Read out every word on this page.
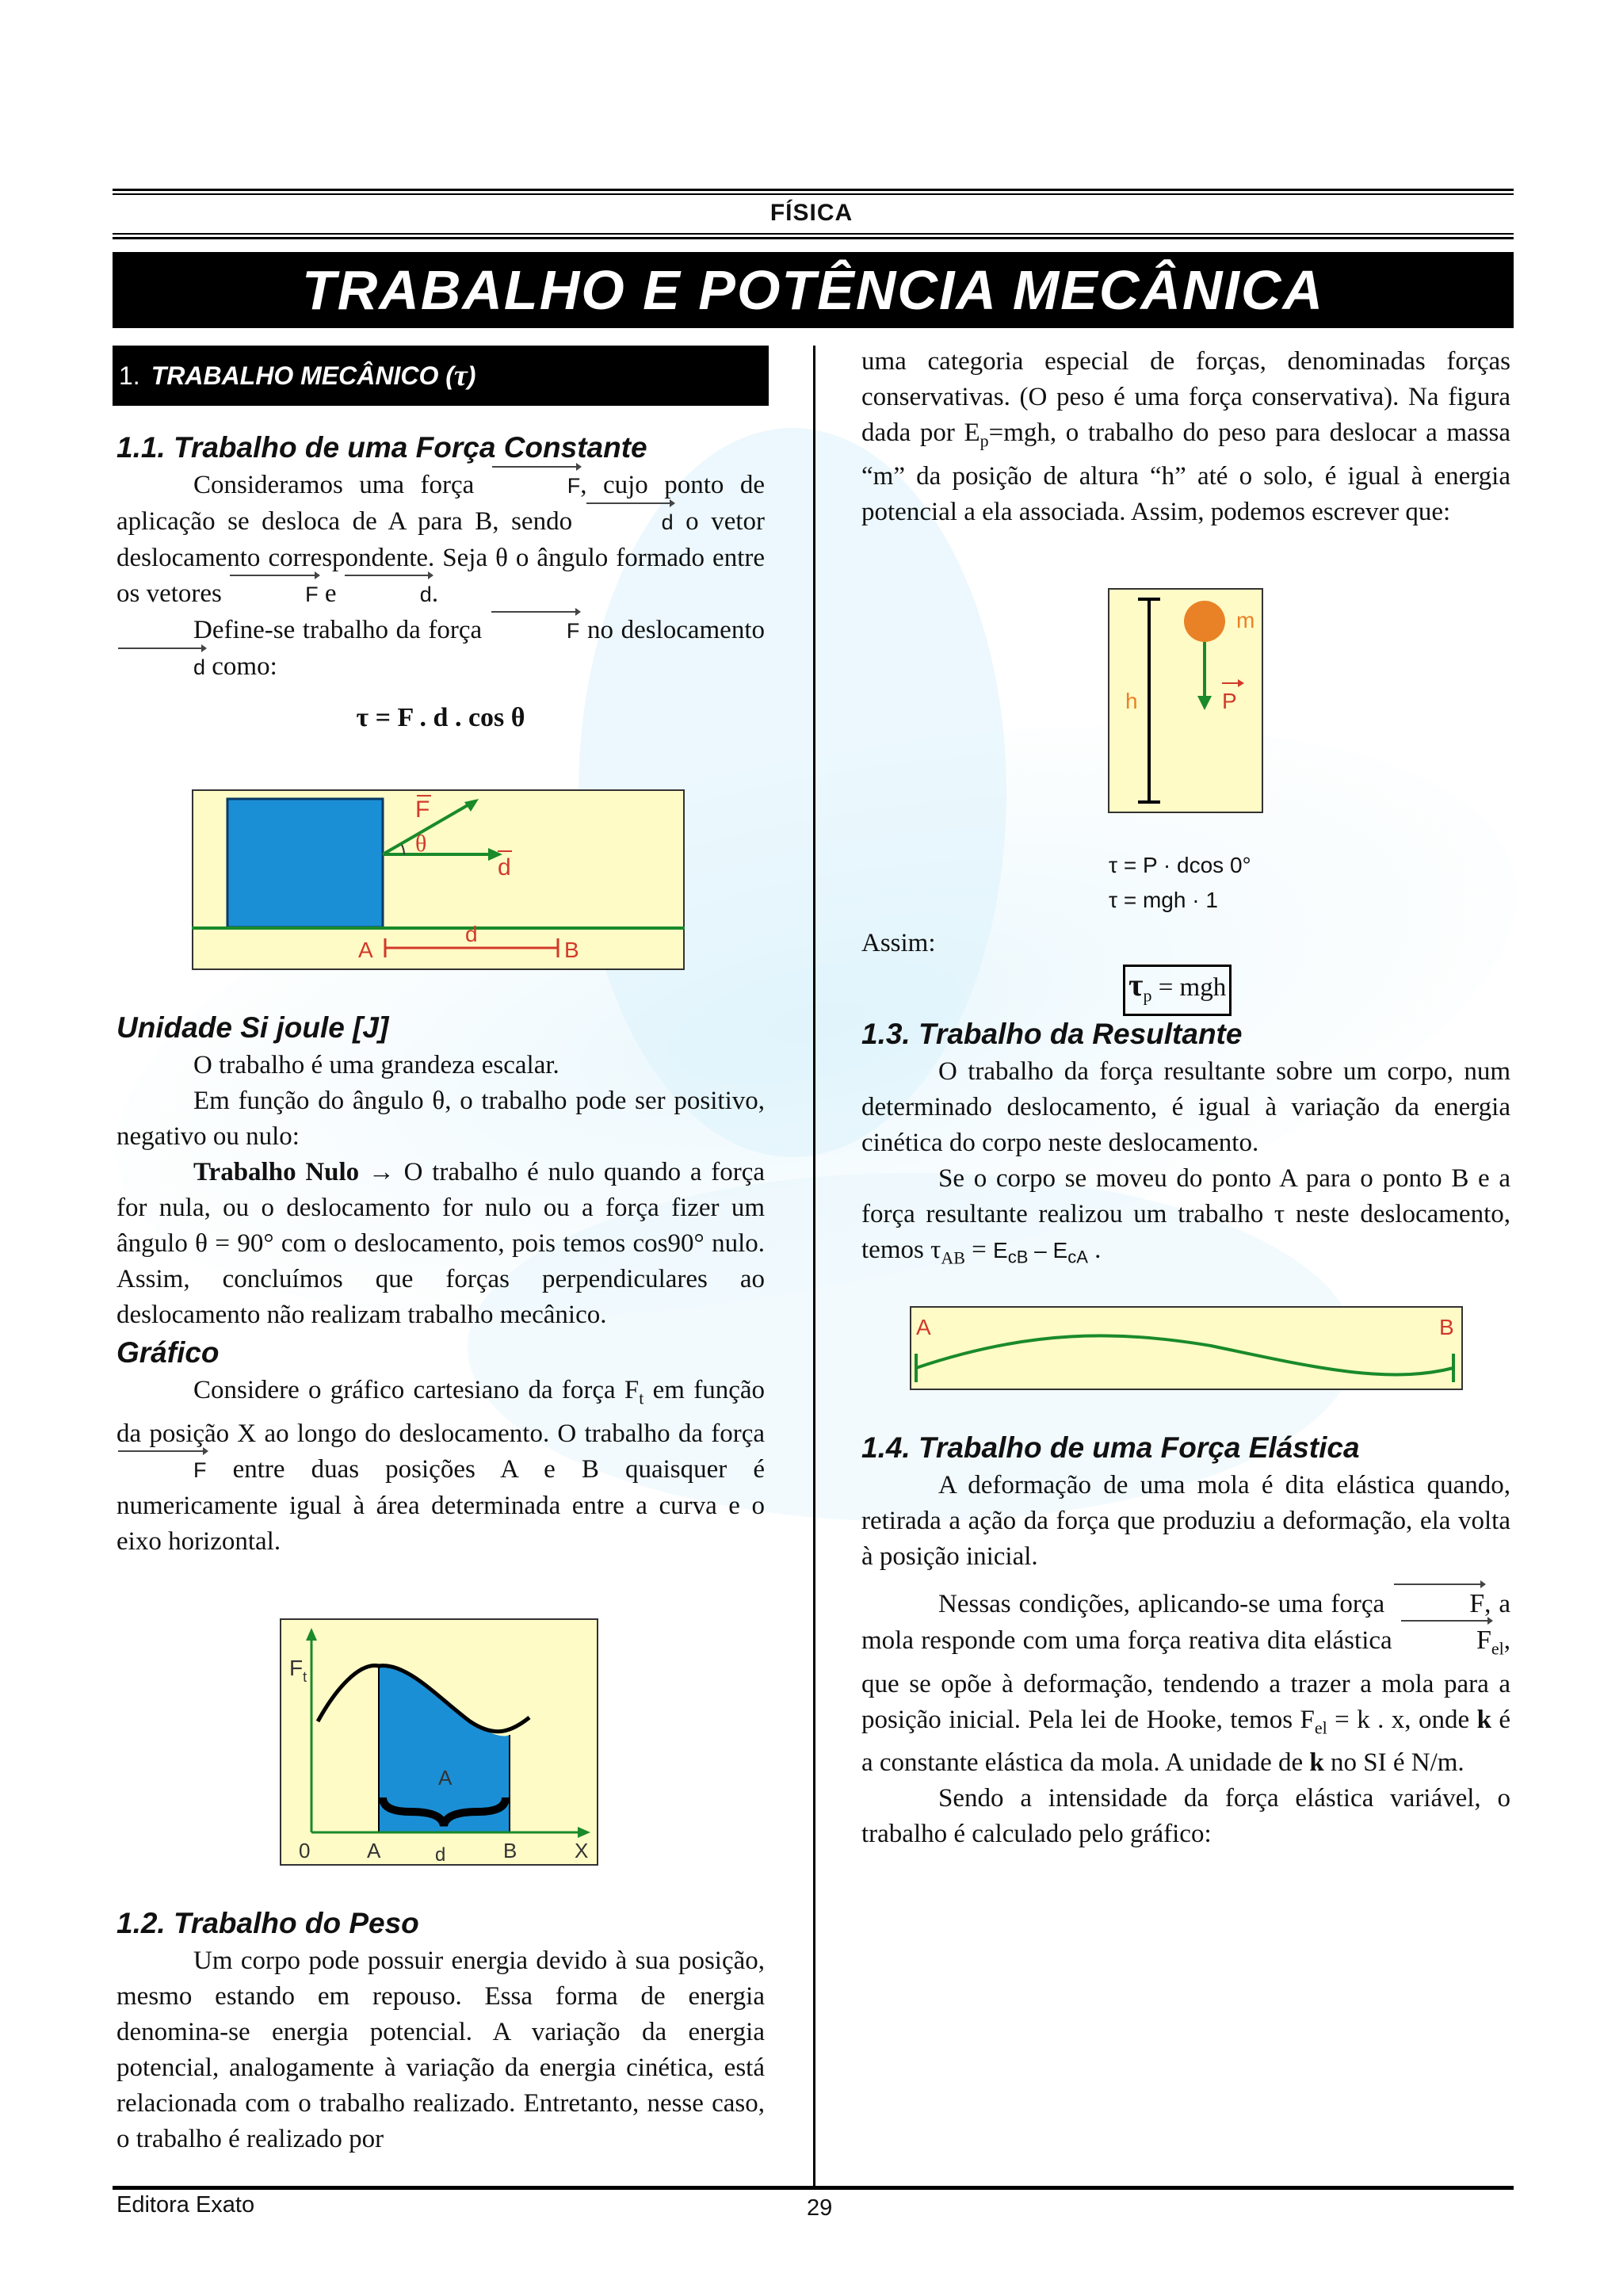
FÍSICA
TRABALHO E POTÊNCIA MECÂNICA
1. TRABALHO MECÂNICO ( τ )
1.1. Trabalho de uma Força Constante

Consideramos uma força	F, cujo ponto de aplicação se desloca de A para B, sendo	d o vetor deslocamento correspondente. Seja θ o ângulo formado entre os vetores	F e	d.

Define-se trabalho da força	F no deslocamento d como:

τ = F . d . cos θ

F
θ
d
d
A	B
Unidade Si joule [J]

O trabalho é uma grandeza escalar.

Em função do ângulo θ, o trabalho pode ser positivo, negativo ou nulo:

Trabalho Nulo → O trabalho é nulo quando a força for nula, ou o deslocamento for nulo ou a força fizer um ângulo θ = 90° com o deslocamento, pois temos cos90° nulo. Assim, concluímos que forças perpendiculares ao deslocamento não realizam trabalho mecânico.

Gráfico

Considere o gráfico cartesiano da força $F_t$ em função da posição X ao longo do deslocamento. O trabalho da força F entre duas posições A e B quaisquer é numericamente igual à área determinada entre a curva e o eixo horizontal.

$F_t$
A
0	A	B	X
d
1.2. Trabalho do Peso

Um corpo pode possuir energia devido à sua posição, mesmo estando em repouso. Essa forma de energia denomina-se energia potencial. A variação da energia potencial, analogamente à variação da energia cinética, está relacionada com o trabalho realizado. Entretanto, nesse caso, o trabalho é realizado por

uma categoria especial de forças, denominadas forças conservativas. (O peso é uma força conservativa). Na figura dada por $E_p=mgh$, o trabalho do peso para deslocar a massa “m” da posição de altura “h” até o solo, é igual à energia potencial a ela associada. Assim, podemos escrever que:

m
h	P

τ = P · dcos 0°

τ = mgh · 1

Assim:

$\tau_p$ = mgh

1.3. Trabalho da Resultante

O trabalho da força resultante sobre um corpo, num determinado deslocamento, é igual à variação da energia cinética do corpo neste deslocamento.

Se o corpo se moveu do ponto A para o ponto B e a força resultante realizou um trabalho τ neste deslocamento, temos $\tau_{AB} = E_{cB} - E_{cA}$ .

A	B
1.4. Trabalho de uma Força Elástica

A deformação de uma mola é dita elástica quando, retirada a ação da força que produziu a deformação, ela volta à posição inicial.

Nessas condições, aplicando-se uma força	F, a mola responde com uma força reativa dita elástica	$F_{el}$, que se opõe à deformação, tendendo a trazer a mola para a posição inicial. Pela lei de Hooke, temos $F_{el} = k$ . x, onde k é a constante elástica da mola. A unidade de k no SI é N/m.

Sendo a intensidade da força elástica variável, o trabalho é calculado pelo gráfico:

Editora Exato	29
